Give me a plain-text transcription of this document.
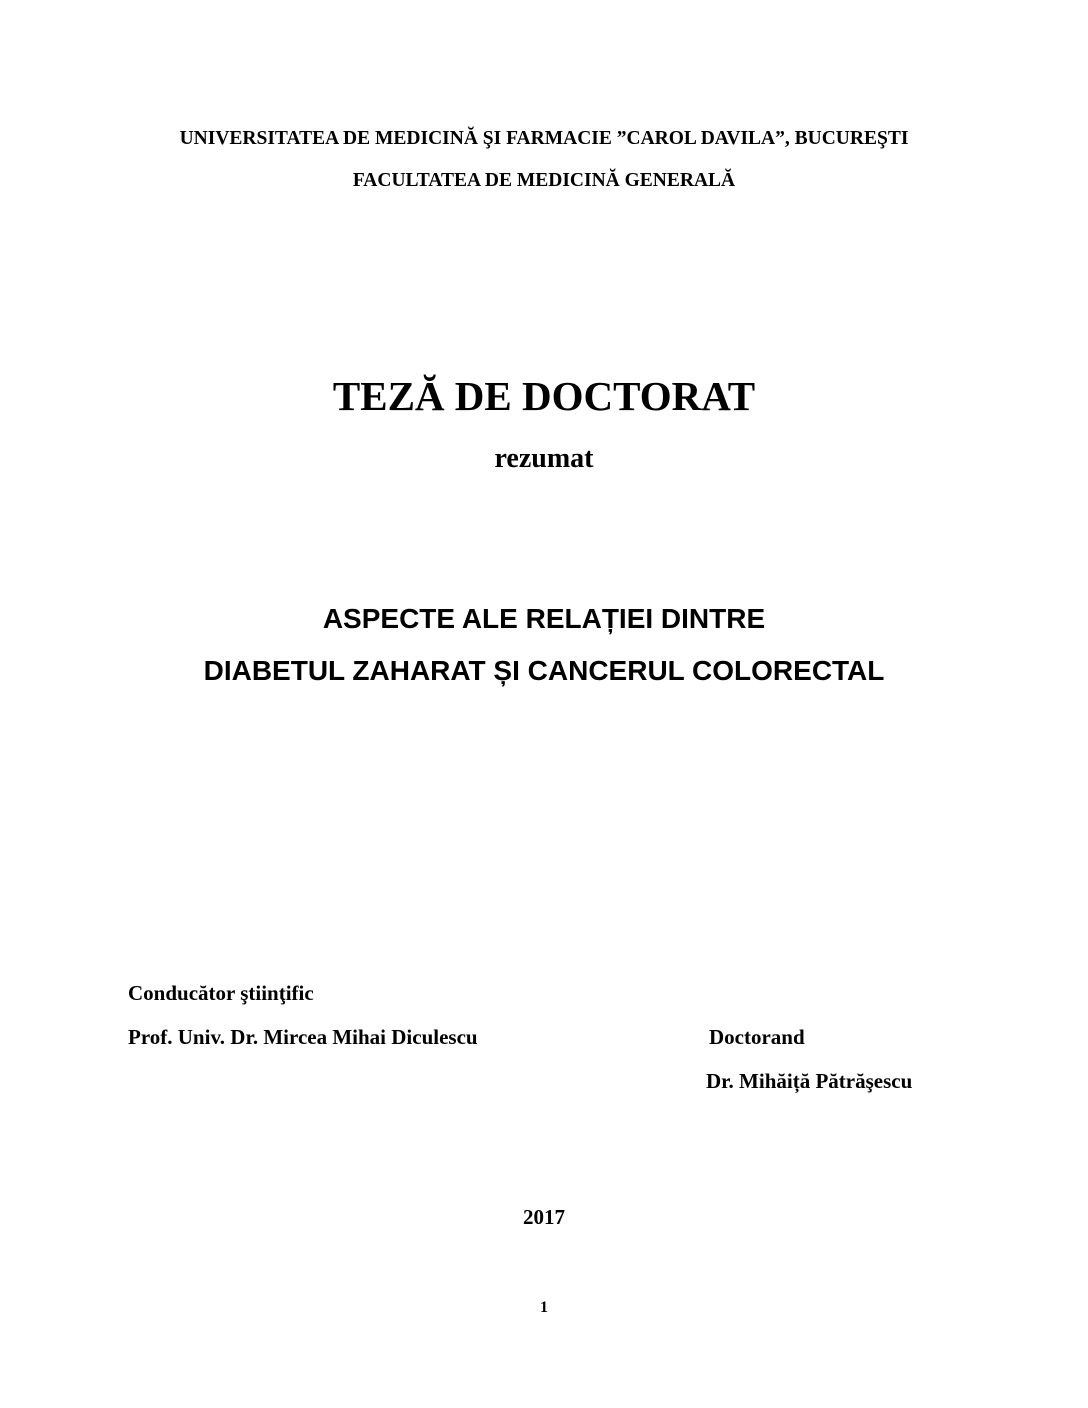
UNIVERSITATEA DE MEDICINĂ ŞI FARMACIE ”CAROL DAVILA”, BUCUREŞTI
FACULTATEA DE MEDICINĂ GENERALĂ
TEZĂ DE DOCTORAT
rezumat
ASPECTE ALE RELAȚIEI DINTRE
DIABETUL ZAHARAT ȘI CANCERUL COLORECTAL
Conducător ştiinţific
Prof. Univ. Dr. Mircea Mihai Diculescu	Doctorand
Dr. Mihăiță Pătrăşescu
2017
1
